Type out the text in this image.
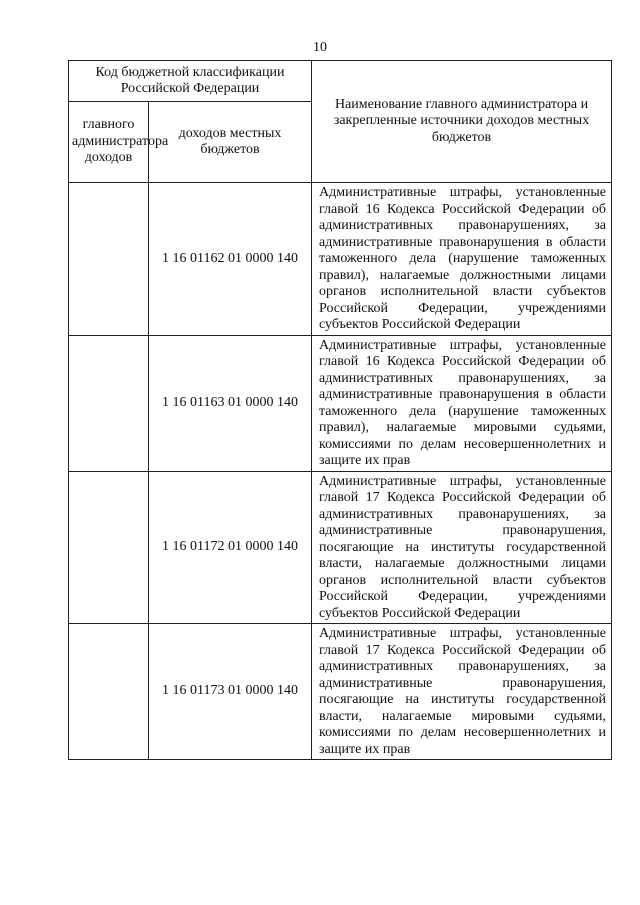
10
Код бюджетной классификации Российской Федерации		Наименование главного администратора и закрепленные источники доходов местных бюджетов
главного администратора доходов	доходов местных бюджетов	
	1 16 01162 01 0000 140	Административные штрафы, установленные главой 16 Кодекса Российской Федерации об административных правонарушениях, за административные правонарушения в области таможенного дела (нарушение таможенных правил), налагаемые должностными лицами органов исполнительной власти субъектов Российской Федерации, учреждениями субъектов Российской Федерации
	1 16 01163 01 0000 140	Административные штрафы, установленные главой 16 Кодекса Российской Федерации об административных правонарушениях, за административные правонарушения в области таможенного дела (нарушение таможенных правил), налагаемые мировыми судьями, комиссиями по делам несовершеннолетних и защите их прав
	1 16 01172 01 0000 140	Административные штрафы, установленные главой 17 Кодекса Российской Федерации об административных правонарушениях, за административные правонарушения, посягающие на институты государственной власти, налагаемые должностными лицами органов исполнительной власти субъектов Российской Федерации, учреждениями субъектов Российской Федерации
	1 16 01173 01 0000 140	Административные штрафы, установленные главой 17 Кодекса Российской Федерации об административных правонарушениях, за административные правонарушения, посягающие на институты государственной власти, налагаемые мировыми судьями, комиссиями по делам несовершеннолетних и защите их прав
